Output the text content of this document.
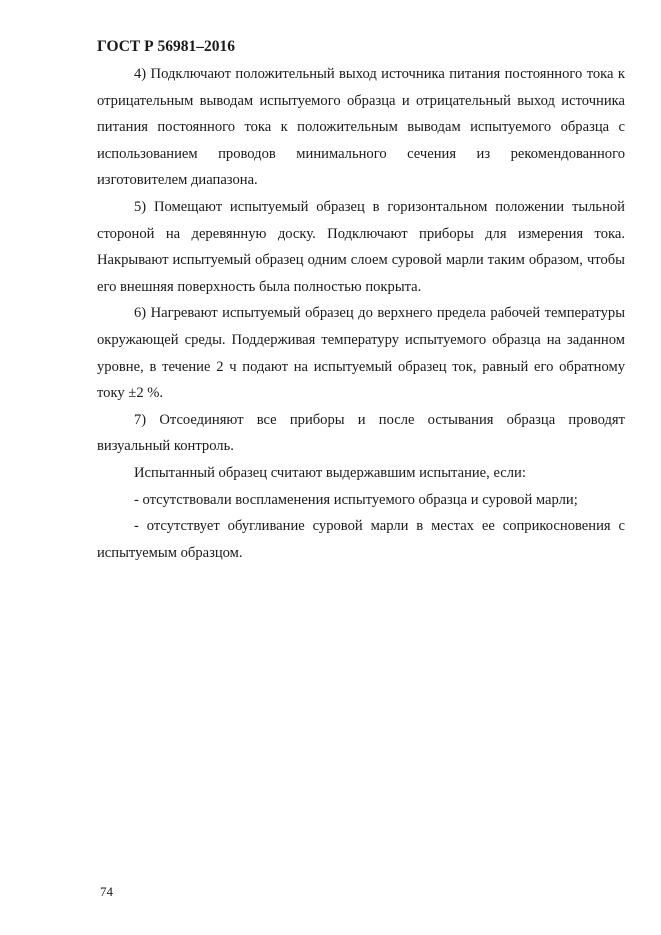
ГОСТ Р 56981–2016

4) Подключают положительный выход источника питания постоянного тока к отрицательным выводам испытуемого образца и отрицательный выход источника питания постоянного тока к положительным выводам испытуемого образца с использованием проводов минимального сечения из рекомендованного изготовителем диапазона.

5) Помещают испытуемый образец в горизонтальном положении тыльной стороной на деревянную доску. Подключают приборы для измерения тока. Накрывают испытуемый образец одним слоем суровой марли таким образом, чтобы его внешняя поверхность была полностью покрыта.

6) Нагревают испытуемый образец до верхнего предела рабочей температуры окружающей среды. Поддерживая температуру испытуемого образца на заданном уровне, в течение 2 ч подают на испытуемый образец ток, равный его обратному току ±2 %.

7) Отсоединяют все приборы и после остывания образца проводят визуальный контроль.

Испытанный образец считают выдержавшим испытание, если:

- отсутствовали воспламенения испытуемого образца и суровой марли;

- отсутствует обугливание суровой марли в местах ее соприкосновения с испытуемым образцом.

74
